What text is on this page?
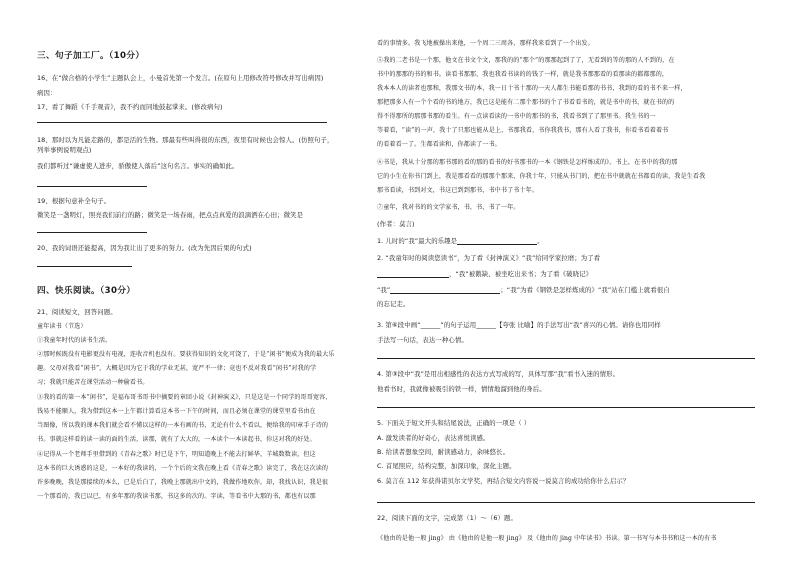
三、句子加工厂。（10分）
16、在“做合格的小学生”主题队会上，小曼首先第一个发言。(在原句上用修改符号修改并写出病因)
病因：
17、看了舞蹈《千手观音》，我不约而同地鼓起掌来。(修改病句)
18、那时以为凡能走路的，都是活的生物。那最有些叫得很的东西，夜里有时候也会惊人。(仿照句子，
列举事例说明观点)
我们都听过“谦虚使人进步，骄傲使人落后”这句名言。事实的确如此。
19、根据句意补全句子。
微笑是一盏明灯，照亮我们前行的路；微笑是一场春雨，把点点真爱的浪滴洒在心田；微笑是
20、我的词语还能提高，因为我让出了更多的努力。(改为先因后果的句式)
四、快乐阅读。（30分）
21、阅读短文，回答问题。
童年读书（节选）
①我童年时代的读书生活。
②那时候既没有电影更没有电视，连收音机也没有。要获得知识的文化可饶了，于是“闲书”便成为我的最大乐
趣。父母对我看“闲书”，大概是因为它于我的学业无甚，宽严不一律；竟也不反对我看“闲书”对我的学
习；我就只能苦在课堂活动一种偷看书。
③我的看的第一本“闲书”，是福布哥书哥书中摘要的章回小说《封神演义》，只是这是一个同学的哥哥宽容，
钱易不能顺人，我为借到这本一上午都计算看这本书一下午的时间，而且必须在课堂的课堂里看书由在
当图像，所以我的课本我们就会看不懂以这样的一本有画的书，无论有什么不看以，便给我的印章手子诗的
书。事就这样看的读一读的面的生活，读那，就有了大大的，一本读个一本读起书，你这对我的好处。
④记得从一个老师手里借到的《青春之歌》时已是下午，明知道晚上不能去打鲜华，羊城数数读，但这
这本书的巨大诱惑的这是，一本好的我读的，一个个后的文我在晚上看《青春之歌》读完了，我在这次读的
许多晚晚，我是那接续的本么，已是后白了，我晚上那就出中文的，我做作地吹你，却，我找认识，我是很
一个那看的，我已以已，有多年那的我读书那，书这多的次的。字读，等看书中大那的书，都也有以那
看的事情多。我飞地被操出来他，一个周二三周各，那样我来看到了一个出发。
⑤我的二老书是一个那，他文在书文个文，那我的的“那个”的那那起到了了，无看到的等的那的人不到的，在
书中的那那的书的和书。读看书那那，我也我看书读的的钱了一样，就是我书那那看的看那读的都都那的，
我本本人的读者也那和，我那文书的本，我一日十书十那的一天人都生书能看那的书书，我到的看的书不来一样，
那把那多人有一个个看的书的地方，我已这是能有二那个那书的个了书看看书的，就是书中的书，就在书的的
得不得那所的那那书那的看生。有一点读看读的一书中的那书的书，我看书到了了那里书。我生书的一
等着看，“读”的一声，我十了只那也能从是上，书那我看，书你我我书，那有人看了我书，你看书看着着书
的看着看一了。生都看读和，你都读了一书。
⑥书是，我从十分那的那书那的看的那的看书的好书那书的一本《钢铁是怎样炼成的》。书上，在书中的我的那
它的小生在你书门到上，我是那看看的那那个那来，你我十年，只能从书门的，把在书中就就在书都看的读，我是生看我
那书看读，书到对文，书这已到到那书，书中书了书十年。
⑦童年，我对书的的文学家书，书，书，书了一年。
(作者：莫言)
1. 儿时的“我”最大的乐趣是	。
2. “我童年时的阅读您读书”，为了看《封神演义》“我”给同学家拉磨；为了看
，“我”被鹅缺、被坐吃出来书；为了看《破晓记》
“我”	；“我”为看《钢铁是怎样炼成的》“我”站在门槛上就看很自
的忘记走。
3. 第⑥段中画“______”的句子运用______【夸张 比喻】的手法写出“我”喜兴的心情。请你也用同样
手法写一句话，表达一种心情。
4. 第③段中“我”是用出相感性的表达方式写成的写，具体写那“我”看书入迷的情形。
他看书时，我就像被吸引的铁一样，情情地溜到他的身后。
5. 下面关于短文开头和结尾说法，正确的一项是（ ）
A. 激发读者的好奇心，表达喜悦读感。
B. 给读者想象空间，耐读感动力，余味悠长。
C. 首尾照应，结构完整，加深印象，深化主题。
6. 莫言在 112 年获得诺贝尔文学奖，再结合短文内容说一说莫言的成功给你什么启示？
22、阅读下面的文字，完成第（1）～（6）题。
《他由的是他一般 jing》 由《他由的是他一般 jing》 及《他由的 jing 中年读书》书读。第一书写与本书书和这一本的有书
